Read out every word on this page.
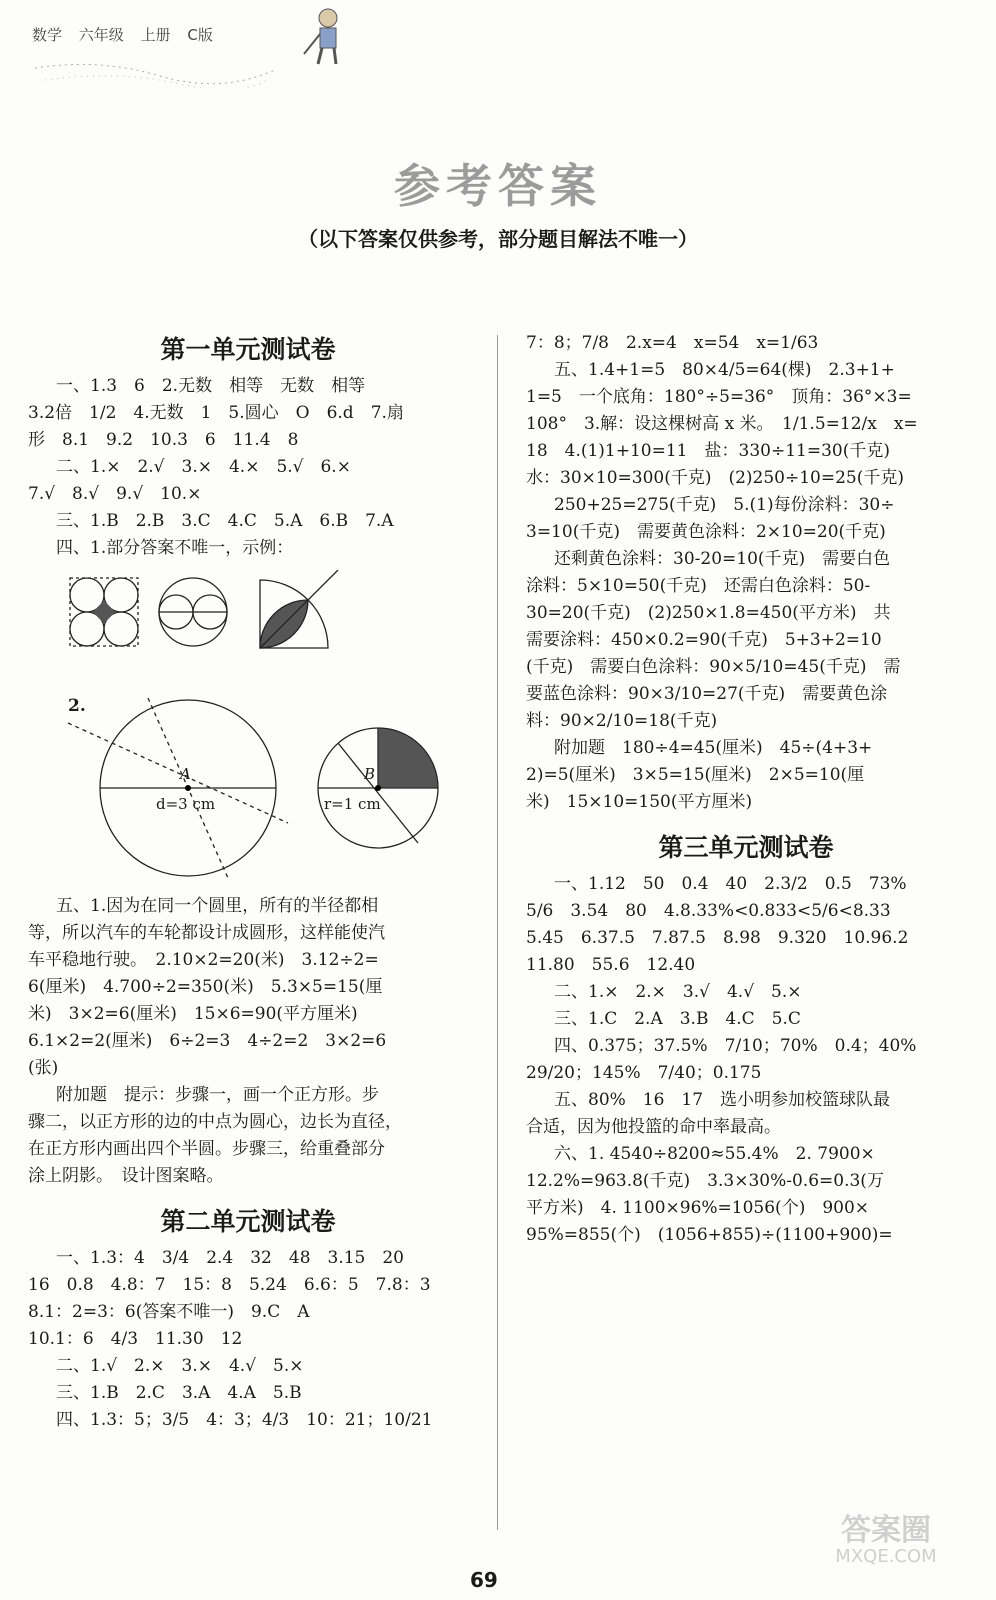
数学 六年级 上册 C版
参考答案
（以下答案仅供参考，部分题目解法不唯一）
第一单元测试卷

一、1.3　6　2.无数　相等　无数　相等

3.2倍　1/2　4.无数　1　5.圆心　O　6.d　7.扇

形　8.1　9.2　10.3　6　11.4　8

二、1.×　2.√　3.×　4.×　5.√　6.×

7.√　8.√　9.√　10.×

三、1.B　2.B　3.C　4.C　5.A　6.B　7.A

四、1.部分答案不唯一，示例：

2.
A
d=3 cm
B
r=1 cm

五、1.因为在同一个圆里，所有的半径都相

等，所以汽车的车轮都设计成圆形，这样能使汽

车平稳地行驶。　2.10×2=20(米)　3.12÷2=

6(厘米)　4.700÷2=350(米)　5.3×5=15(厘

米)　3×2=6(厘米)　15×6=90(平方厘米)

6.1×2=2(厘米)　6÷2=3　4÷2=2　3×2=6

(张)

附加题　提示：步骤一，画一个正方形。步

骤二，以正方形的边的中点为圆心，边长为直径，

在正方形内画出四个半圆。步骤三，给重叠部分

涂上阴影。　设计图案略。

第二单元测试卷

一、1.3：4　3/4　2.4　32　48　3.15　20

16　0.8　4.8：7　15：8　5.24　6.6：5　7.8：3

8.1：2=3：6(答案不唯一)　9.C　A

10.1：6　4/3　11.30　12

二、1.√　2.×　3.×　4.√　5.×

三、1.B　2.C　3.A　4.A　5.B

四、1.3：5；3/5　4：3；4/3　10：21；10/21

7：8；7/8　2.x=4　x=54　x=1/63

五、1.4+1=5　80×4/5=64(棵)　2.3+1+

1=5　一个底角：180°÷5=36°　顶角：36°×3=

108°　3.解：设这棵树高 x 米。　1/1.5=12/x　x=

18　4.(1)1+10=11　盐：330÷11=30(千克)

水：30×10=300(千克)　(2)250÷10=25(千克)

250+25=275(千克)　5.(1)每份涂料：30÷

3=10(千克)　需要黄色涂料：2×10=20(千克)

还剩黄色涂料：30-20=10(千克)　需要白色

涂料：5×10=50(千克)　还需白色涂料：50-

30=20(千克)　(2)250×1.8=450(平方米)　共

需要涂料：450×0.2=90(千克)　5+3+2=10

(千克)　需要白色涂料：90×5/10=45(千克)　需

要蓝色涂料：90×3/10=27(千克)　需要黄色涂

料：90×2/10=18(千克)

附加题　180÷4=45(厘米)　45÷(4+3+

2)=5(厘米)　3×5=15(厘米)　2×5=10(厘

米)　15×10=150(平方厘米)

第三单元测试卷

一、1.12　50　0.4　40　2.3/2　0.5　73%

5/6　3.54　80　4.8.33%<0.833<5/6<8.33

5.45　6.37.5　7.87.5　8.98　9.320　10.96.2

11.80　55.6　12.40

二、1.×　2.×　3.√　4.√　5.×

三、1.C　2.A　3.B　4.C　5.C

四、0.375；37.5%　7/10；70%　0.4；40%

29/20；145%　7/40；0.175

五、80%　16　17　选小明参加校篮球队最

合适，因为他投篮的命中率最高。

六、1. 4540÷8200≈55.4%　2. 7900×

12.2%=963.8(千克)　3.3×30%-0.6=0.3(万

平方米)　4. 1100×96%=1056(个)　900×

95%=855(个)　(1056+855)÷(1100+900)=

69
答案圈
MXQE.COM
